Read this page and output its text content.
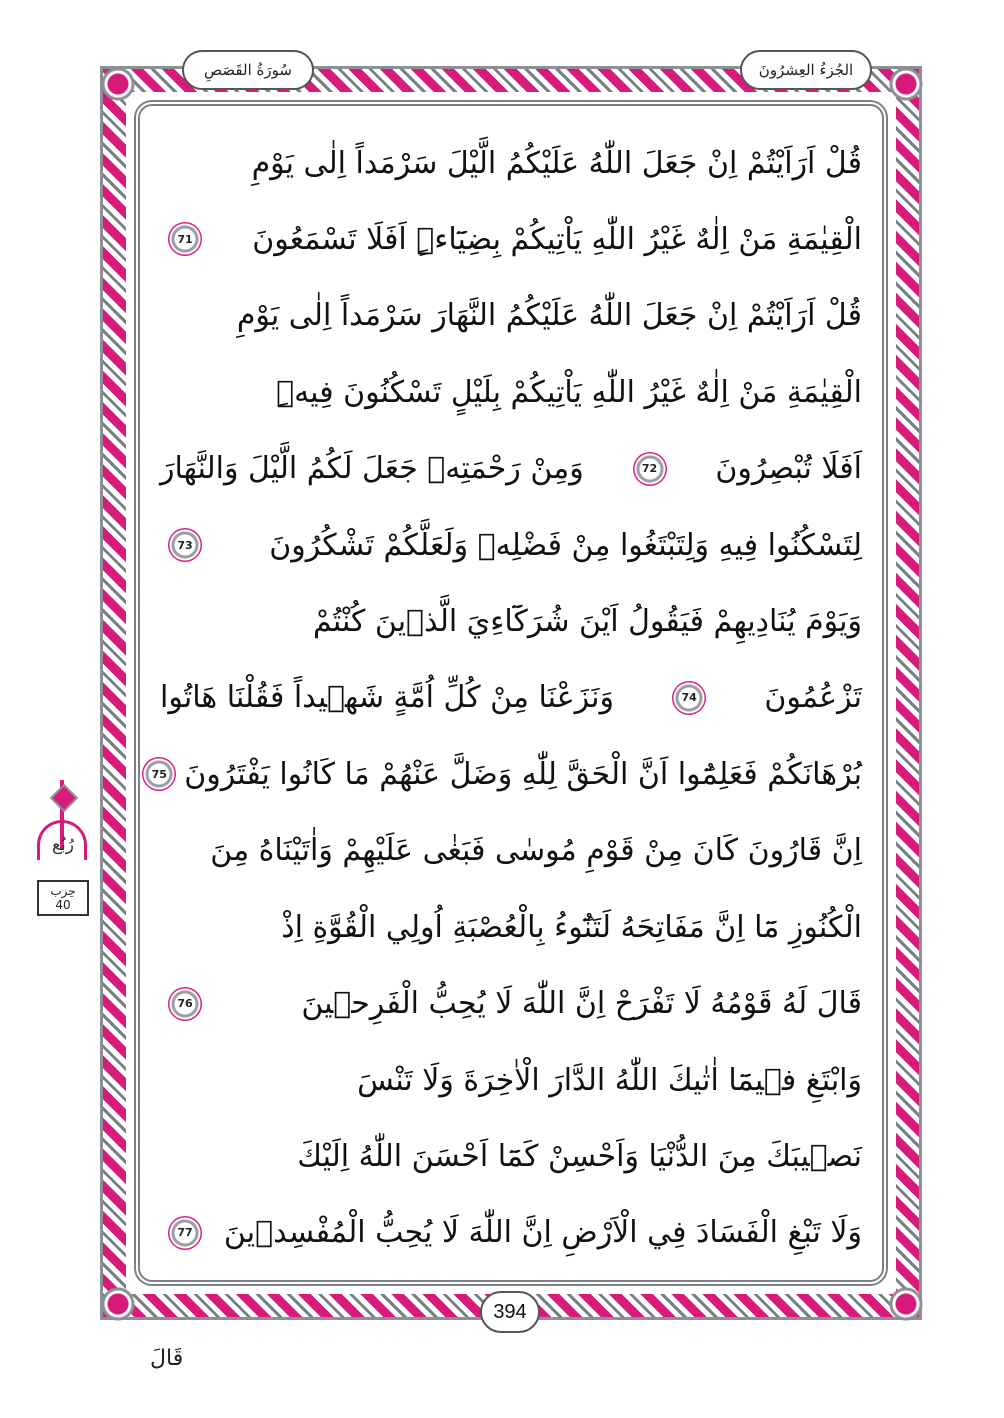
سُورَةُ القَصَصِ	الجُزءُ العِشرُونَ
قُلْ اَرَاَيْتُمْ اِنْ جَعَلَ اللّٰهُ عَلَيْكُمُ الَّيْلَ سَرْمَداً اِلٰى يَوْمِ
الْقِيٰمَةِ مَنْ اِلٰهٌ غَيْرُ اللّٰهِ يَاْتِيكُمْ بِضِيَٓاءٍۜ اَفَلَا تَسْمَعُونَ
71
قُلْ اَرَاَيْتُمْ اِنْ جَعَلَ اللّٰهُ عَلَيْكُمُ النَّهَارَ سَرْمَداً اِلٰى يَوْمِ
الْقِيٰمَةِ مَنْ اِلٰهٌ غَيْرُ اللّٰهِ يَاْتِيكُمْ بِلَيْلٍ تَسْكُنُونَ فِيهِۜ
اَفَلَا تُبْصِرُونَ
72
وَمِنْ رَحْمَتِه۪ جَعَلَ لَكُمُ الَّيْلَ وَالنَّهَارَ
لِتَسْكُنُوا فِيهِ وَلِتَبْتَغُوا مِنْ فَضْلِه۪ وَلَعَلَّكُمْ تَشْكُرُونَ
73
وَيَوْمَ يُنَادِيهِمْ فَيَقُولُ اَيْنَ شُرَكَٓاءِيَ الَّذ۪ينَ كُنْتُمْ
تَزْعُمُونَ
74
وَنَزَعْنَا مِنْ كُلِّ اُمَّةٍ شَه۪يداً فَقُلْنَا هَاتُوا
بُرْهَانَكُمْ فَعَلِمُٓوا اَنَّ الْحَقَّ لِلّٰهِ وَضَلَّ عَنْهُمْ مَا كَانُوا يَفْتَرُونَ
75
اِنَّ قَارُونَ كَانَ مِنْ قَوْمِ مُوسٰى فَبَغٰى عَلَيْهِمْ وَاٰتَيْنَاهُ مِنَ
الْكُنُوزِ مَٓا اِنَّ مَفَاتِحَهُ لَتَنُٓوءُ بِالْعُصْبَةِ اُولِي الْقُوَّةِ اِذْ
قَالَ لَهُ قَوْمُهُ لَا تَفْرَحْ اِنَّ اللّٰهَ لَا يُحِبُّ الْفَرِح۪ينَ
76
وَابْتَغِ ف۪يمَٓا اٰتٰيكَ اللّٰهُ الدَّارَ الْاٰخِرَةَ وَلَا تَنْسَ
نَص۪يبَكَ مِنَ الدُّنْيَا وَاَحْسِنْ كَمَٓا اَحْسَنَ اللّٰهُ اِلَيْكَ
وَلَا تَبْغِ الْفَسَادَ فِي الْاَرْضِ اِنَّ اللّٰهَ لَا يُحِبُّ الْمُفْسِد۪ينَ
77
394
رُبُع
حِزب
40
قَالَ
